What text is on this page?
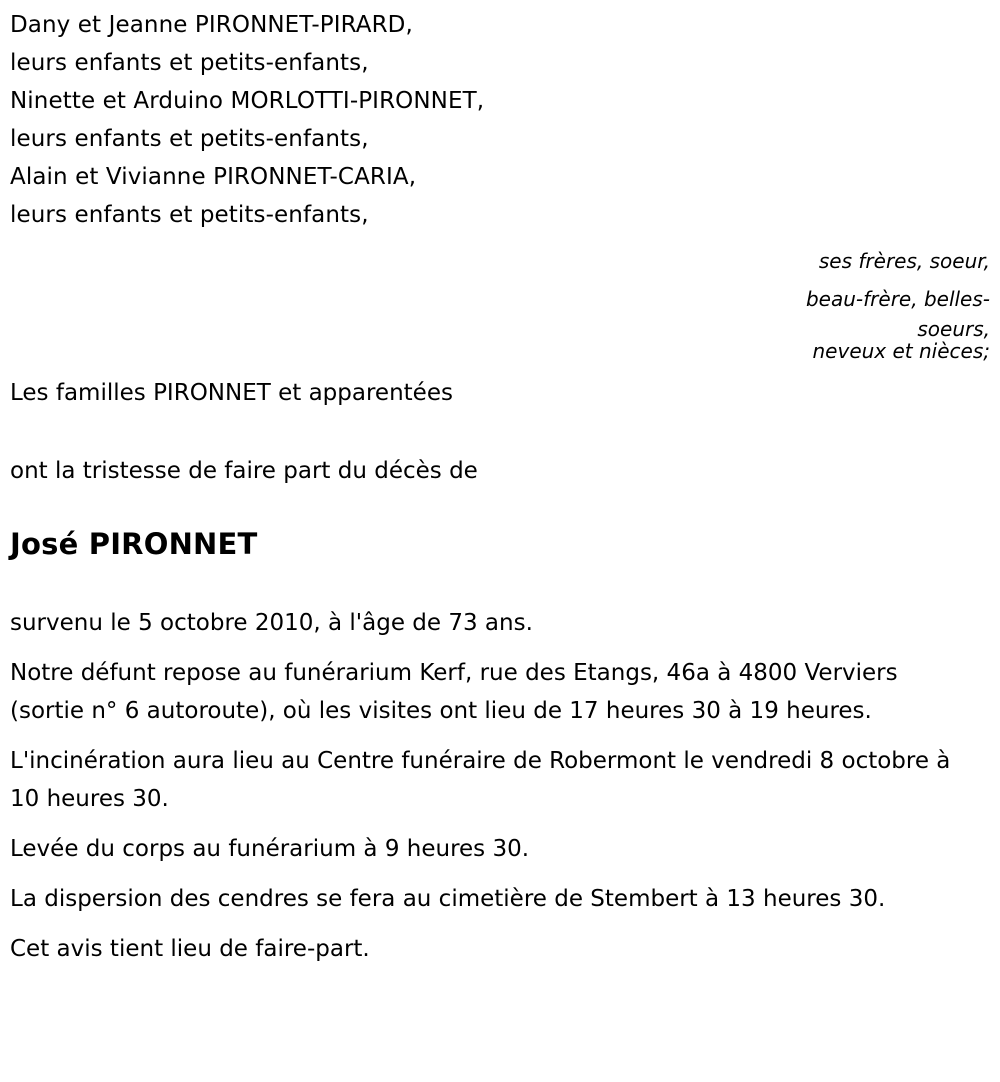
Dany et Jeanne PIRONNET-PIRARD,
leurs enfants et petits-enfants,
Ninette et Arduino MORLOTTI-PIRONNET,
leurs enfants et petits-enfants,
Alain et Vivianne PIRONNET-CARIA,
leurs enfants et petits-enfants,
ses frères, soeur,
beau-frère, belles-
soeurs,
neveux et nièces;
Les familles PIRONNET et apparentées
ont la tristesse de faire part du décès de
José PIRONNET

survenu le 5 octobre 2010, à l'âge de 73 ans.

Notre défunt repose au funérarium Kerf, rue des Etangs, 46a à 4800 Verviers (sortie n° 6 autoroute), où les visites ont lieu de 17 heures 30 à 19 heures.

L'incinération aura lieu au Centre funéraire de Robermont le vendredi 8 octobre à 10 heures 30.

Levée du corps au funérarium à 9 heures 30.

La dispersion des cendres se fera au cimetière de Stembert à 13 heures 30.

Cet avis tient lieu de faire-part.
